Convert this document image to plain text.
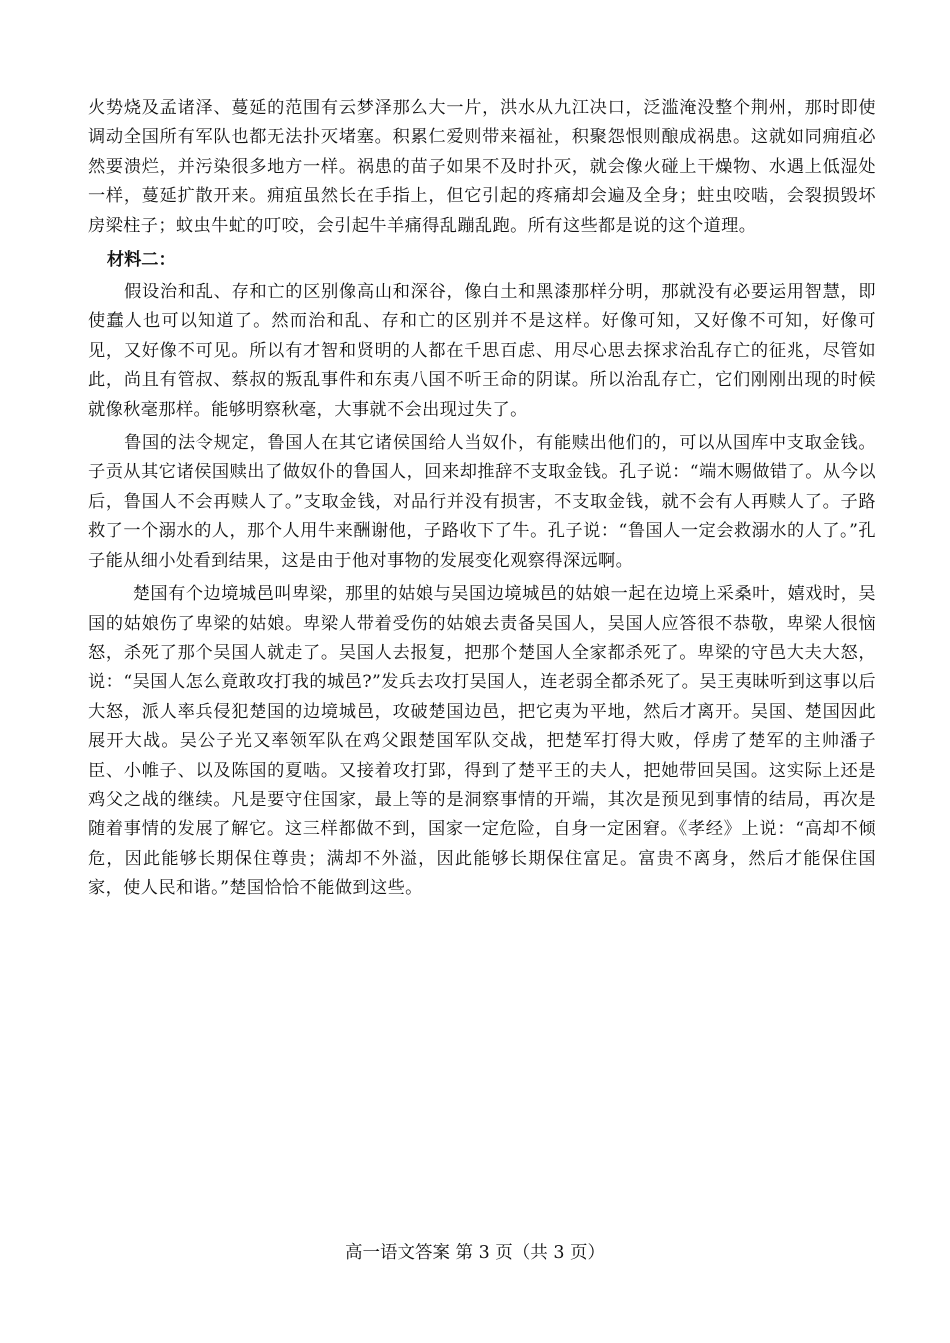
火势烧及孟诸泽、蔓延的范围有云梦泽那么大一片，洪水从九江决口，泛滥淹没整个荆州，那时即使调动全国所有军队也都无法扑灭堵塞。积累仁爱则带来福祉，积聚怨恨则酿成祸患。这就如同痈疽必然要溃烂，并污染很多地方一样。祸患的苗子如果不及时扑灭，就会像火碰上干燥物、水遇上低湿处一样，蔓延扩散开来。痈疽虽然长在手指上，但它引起的疼痛却会遍及全身；蛀虫咬啮，会裂损毁坏房梁柱子；蚊虫牛虻的叮咬，会引起牛羊痛得乱蹦乱跑。所有这些都是说的这个道理。

材料二：

假设治和乱、存和亡的区别像高山和深谷，像白土和黑漆那样分明，那就没有必要运用智慧，即使蠢人也可以知道了。然而治和乱、存和亡的区别并不是这样。好像可知，又好像不可知，好像可见，又好像不可见。所以有才智和贤明的人都在千思百虑、用尽心思去探求治乱存亡的征兆，尽管如此，尚且有管叔、蔡叔的叛乱事件和东夷八国不听王命的阴谋。所以治乱存亡，它们刚刚出现的时候就像秋毫那样。能够明察秋毫，大事就不会出现过失了。

鲁国的法令规定，鲁国人在其它诸侯国给人当奴仆，有能赎出他们的，可以从国库中支取金钱。子贡从其它诸侯国赎出了做奴仆的鲁国人，回来却推辞不支取金钱。孔子说：“端木赐做错了。从今以后，鲁国人不会再赎人了。”支取金钱，对品行并没有损害，不支取金钱，就不会有人再赎人了。子路救了一个溺水的人，那个人用牛来酬谢他，子路收下了牛。孔子说：“鲁国人一定会救溺水的人了。”孔子能从细小处看到结果，这是由于他对事物的发展变化观察得深远啊。

楚国有个边境城邑叫卑梁，那里的姑娘与吴国边境城邑的姑娘一起在边境上采桑叶，嬉戏时，吴国的姑娘伤了卑梁的姑娘。卑梁人带着受伤的姑娘去责备吴国人，吴国人应答很不恭敬，卑梁人很恼怒，杀死了那个吴国人就走了。吴国人去报复，把那个楚国人全家都杀死了。卑梁的守邑大夫大怒，说：“吴国人怎么竟敢攻打我的城邑?”发兵去攻打吴国人，连老弱全都杀死了。吴王夷昧听到这事以后大怒，派人率兵侵犯楚国的边境城邑，攻破楚国边邑，把它夷为平地，然后才离开。吴国、楚国因此展开大战。吴公子光又率领军队在鸡父跟楚国军队交战，把楚军打得大败，俘虏了楚军的主帅潘子臣、小帷子、以及陈国的夏啮。又接着攻打郢，得到了楚平王的夫人，把她带回吴国。这实际上还是鸡父之战的继续。凡是要守住国家，最上等的是洞察事情的开端，其次是预见到事情的结局，再次是随着事情的发展了解它。这三样都做不到，国家一定危险，自身一定困窘。《孝经》上说：“高却不倾危，因此能够长期保住尊贵；满却不外溢，因此能够长期保住富足。富贵不离身，然后才能保住国家，使人民和谐。”楚国恰恰不能做到这些。

高一语文答案 第 3 页（共 3 页）
